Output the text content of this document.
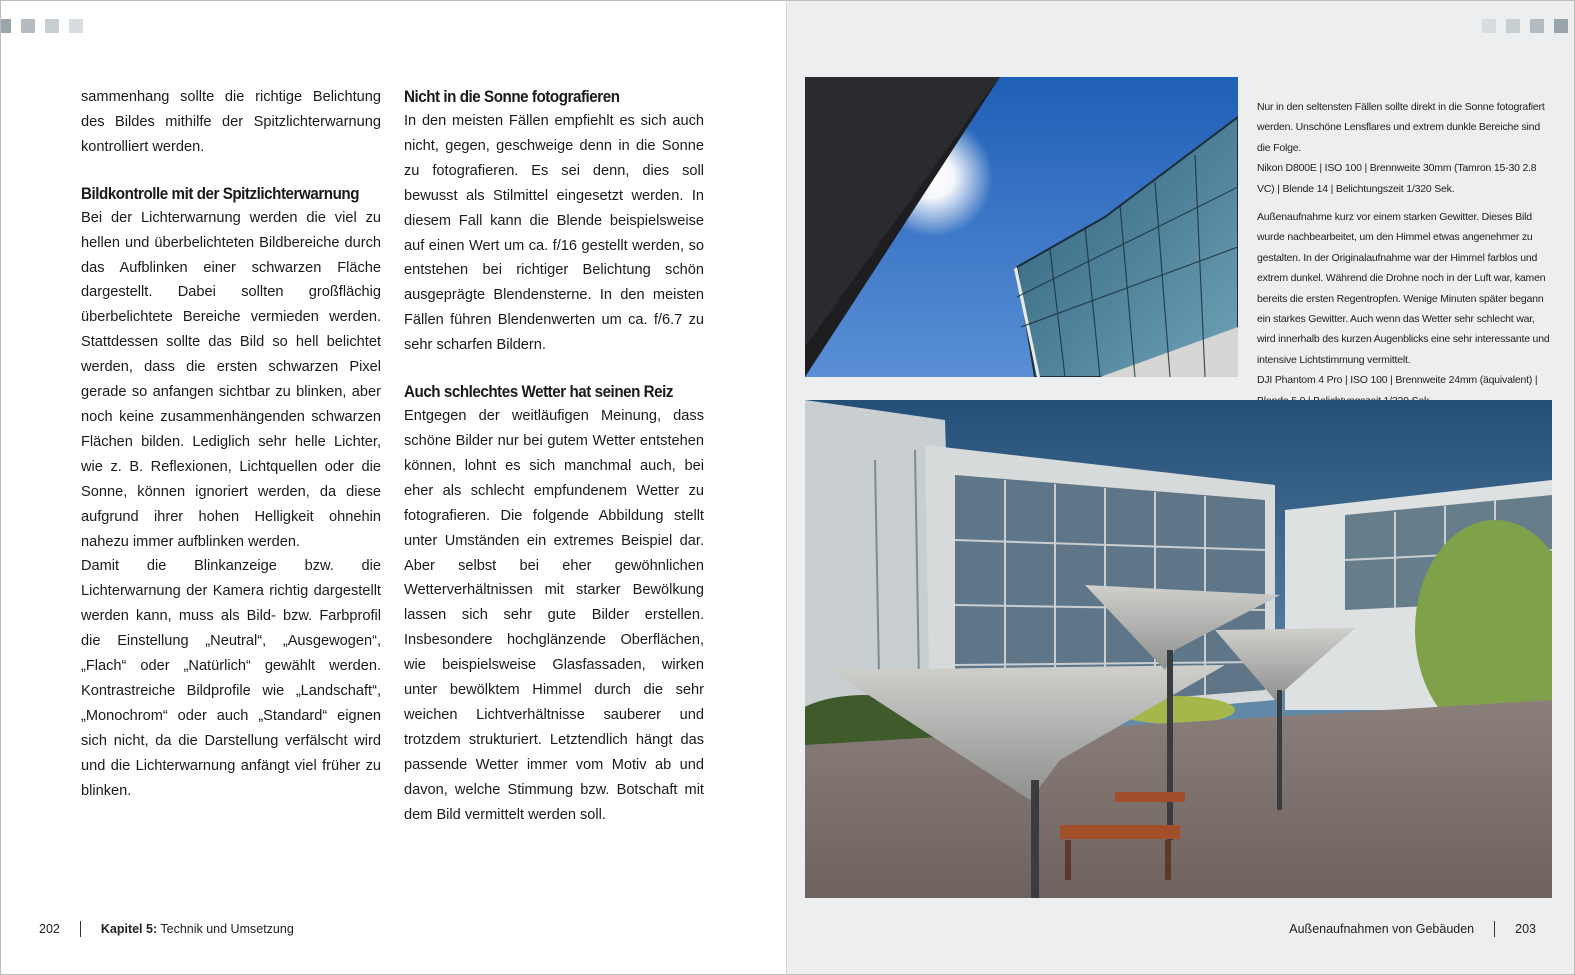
sammenhang sollte die richtige Belichtung des Bildes mithilfe der Spitzlichterwarnung kontrolliert werden.

Bildkontrolle mit der Spitzlichterwarnung

Bei der Lichterwarnung werden die viel zu hellen und überbelichteten Bildbereiche durch das Aufblinken einer schwarzen Fläche dargestellt. Dabei sollten großflächig überbelichtete Bereiche vermieden werden. Stattdessen sollte das Bild so hell belichtet werden, dass die ersten schwarzen Pixel gerade so anfangen sichtbar zu blinken, aber noch keine zusammenhängenden schwarzen Flächen bilden. Lediglich sehr helle Lichter, wie z. B. Reflexionen, Lichtquellen oder die Sonne, können ignoriert werden, da diese aufgrund ihrer hohen Helligkeit ohnehin nahezu immer aufblinken werden.

Damit die Blinkanzeige bzw. die Lichterwarnung der Kamera richtig dargestellt werden kann, muss als Bild- bzw. Farbprofil die Einstellung „Neutral“, „Ausgewogen“, „Flach“ oder „Natürlich“ gewählt werden. Kontrastreiche Bildprofile wie „Landschaft“, „Monochrom“ oder auch „Standard“ eignen sich nicht, da die Darstellung verfälscht wird und die Lichterwarnung anfängt viel früher zu blinken.

Nicht in die Sonne fotografieren

In den meisten Fällen empfiehlt es sich auch nicht, gegen, geschweige denn in die Sonne zu fotografieren. Es sei denn, dies soll bewusst als Stilmittel eingesetzt werden. In diesem Fall kann die Blende beispielsweise auf einen Wert um ca. f/16 gestellt werden, so entstehen bei richtiger Belichtung schön ausgeprägte Blendensterne. In den meisten Fällen führen Blendenwerten um ca. f/6.7 zu sehr scharfen Bildern.

Auch schlechtes Wetter hat seinen Reiz

Entgegen der weitläufigen Meinung, dass schöne Bilder nur bei gutem Wetter entstehen können, lohnt es sich manchmal auch, bei eher als schlecht empfundenem Wetter zu fotografieren. Die folgende Abbildung stellt unter Umständen ein extremes Beispiel dar. Aber selbst bei eher gewöhnlichen Wetterverhältnissen mit starker Bewölkung lassen sich sehr gute Bilder erstellen. Insbesondere hochglänzende Oberflächen, wie beispielsweise Glasfassaden, wirken unter bewölktem Himmel durch die sehr weichen Lichtverhältnisse sauberer und trotzdem strukturiert. Letztendlich hängt das passende Wetter immer vom Motiv ab und davon, welche Stimmung bzw. Botschaft mit dem Bild vermittelt werden soll.

202	Kapitel 5: Technik und Umsetzung

Nur in den seltensten Fällen sollte direkt in die Sonne fotografiert werden. Unschöne Lensflares und extrem dunkle Bereiche sind die Folge.

Nikon D800E | ISO 100 | Brennweite 30mm (Tamron 15-30 2.8 VC) | Blende 14 | Belichtungszeit 1/320 Sek.

Außenaufnahme kurz vor einem starken Gewitter. Dieses Bild wurde nachbearbeitet, um den Himmel etwas angenehmer zu gestalten. In der Originalaufnahme war der Himmel farblos und extrem dunkel. Während die Drohne noch in der Luft war, kamen bereits die ersten Regentropfen. Wenige Minuten später begann ein starkes Gewitter. Auch wenn das Wetter sehr schlecht war, wird innerhalb des kurzen Augenblicks eine sehr interessante und intensive Lichtstimmung vermittelt.

DJI Phantom 4 Pro | ISO 100 | Brennweite 24mm (äquivalent) |

Außenaufnahmen von Gebäuden	203
